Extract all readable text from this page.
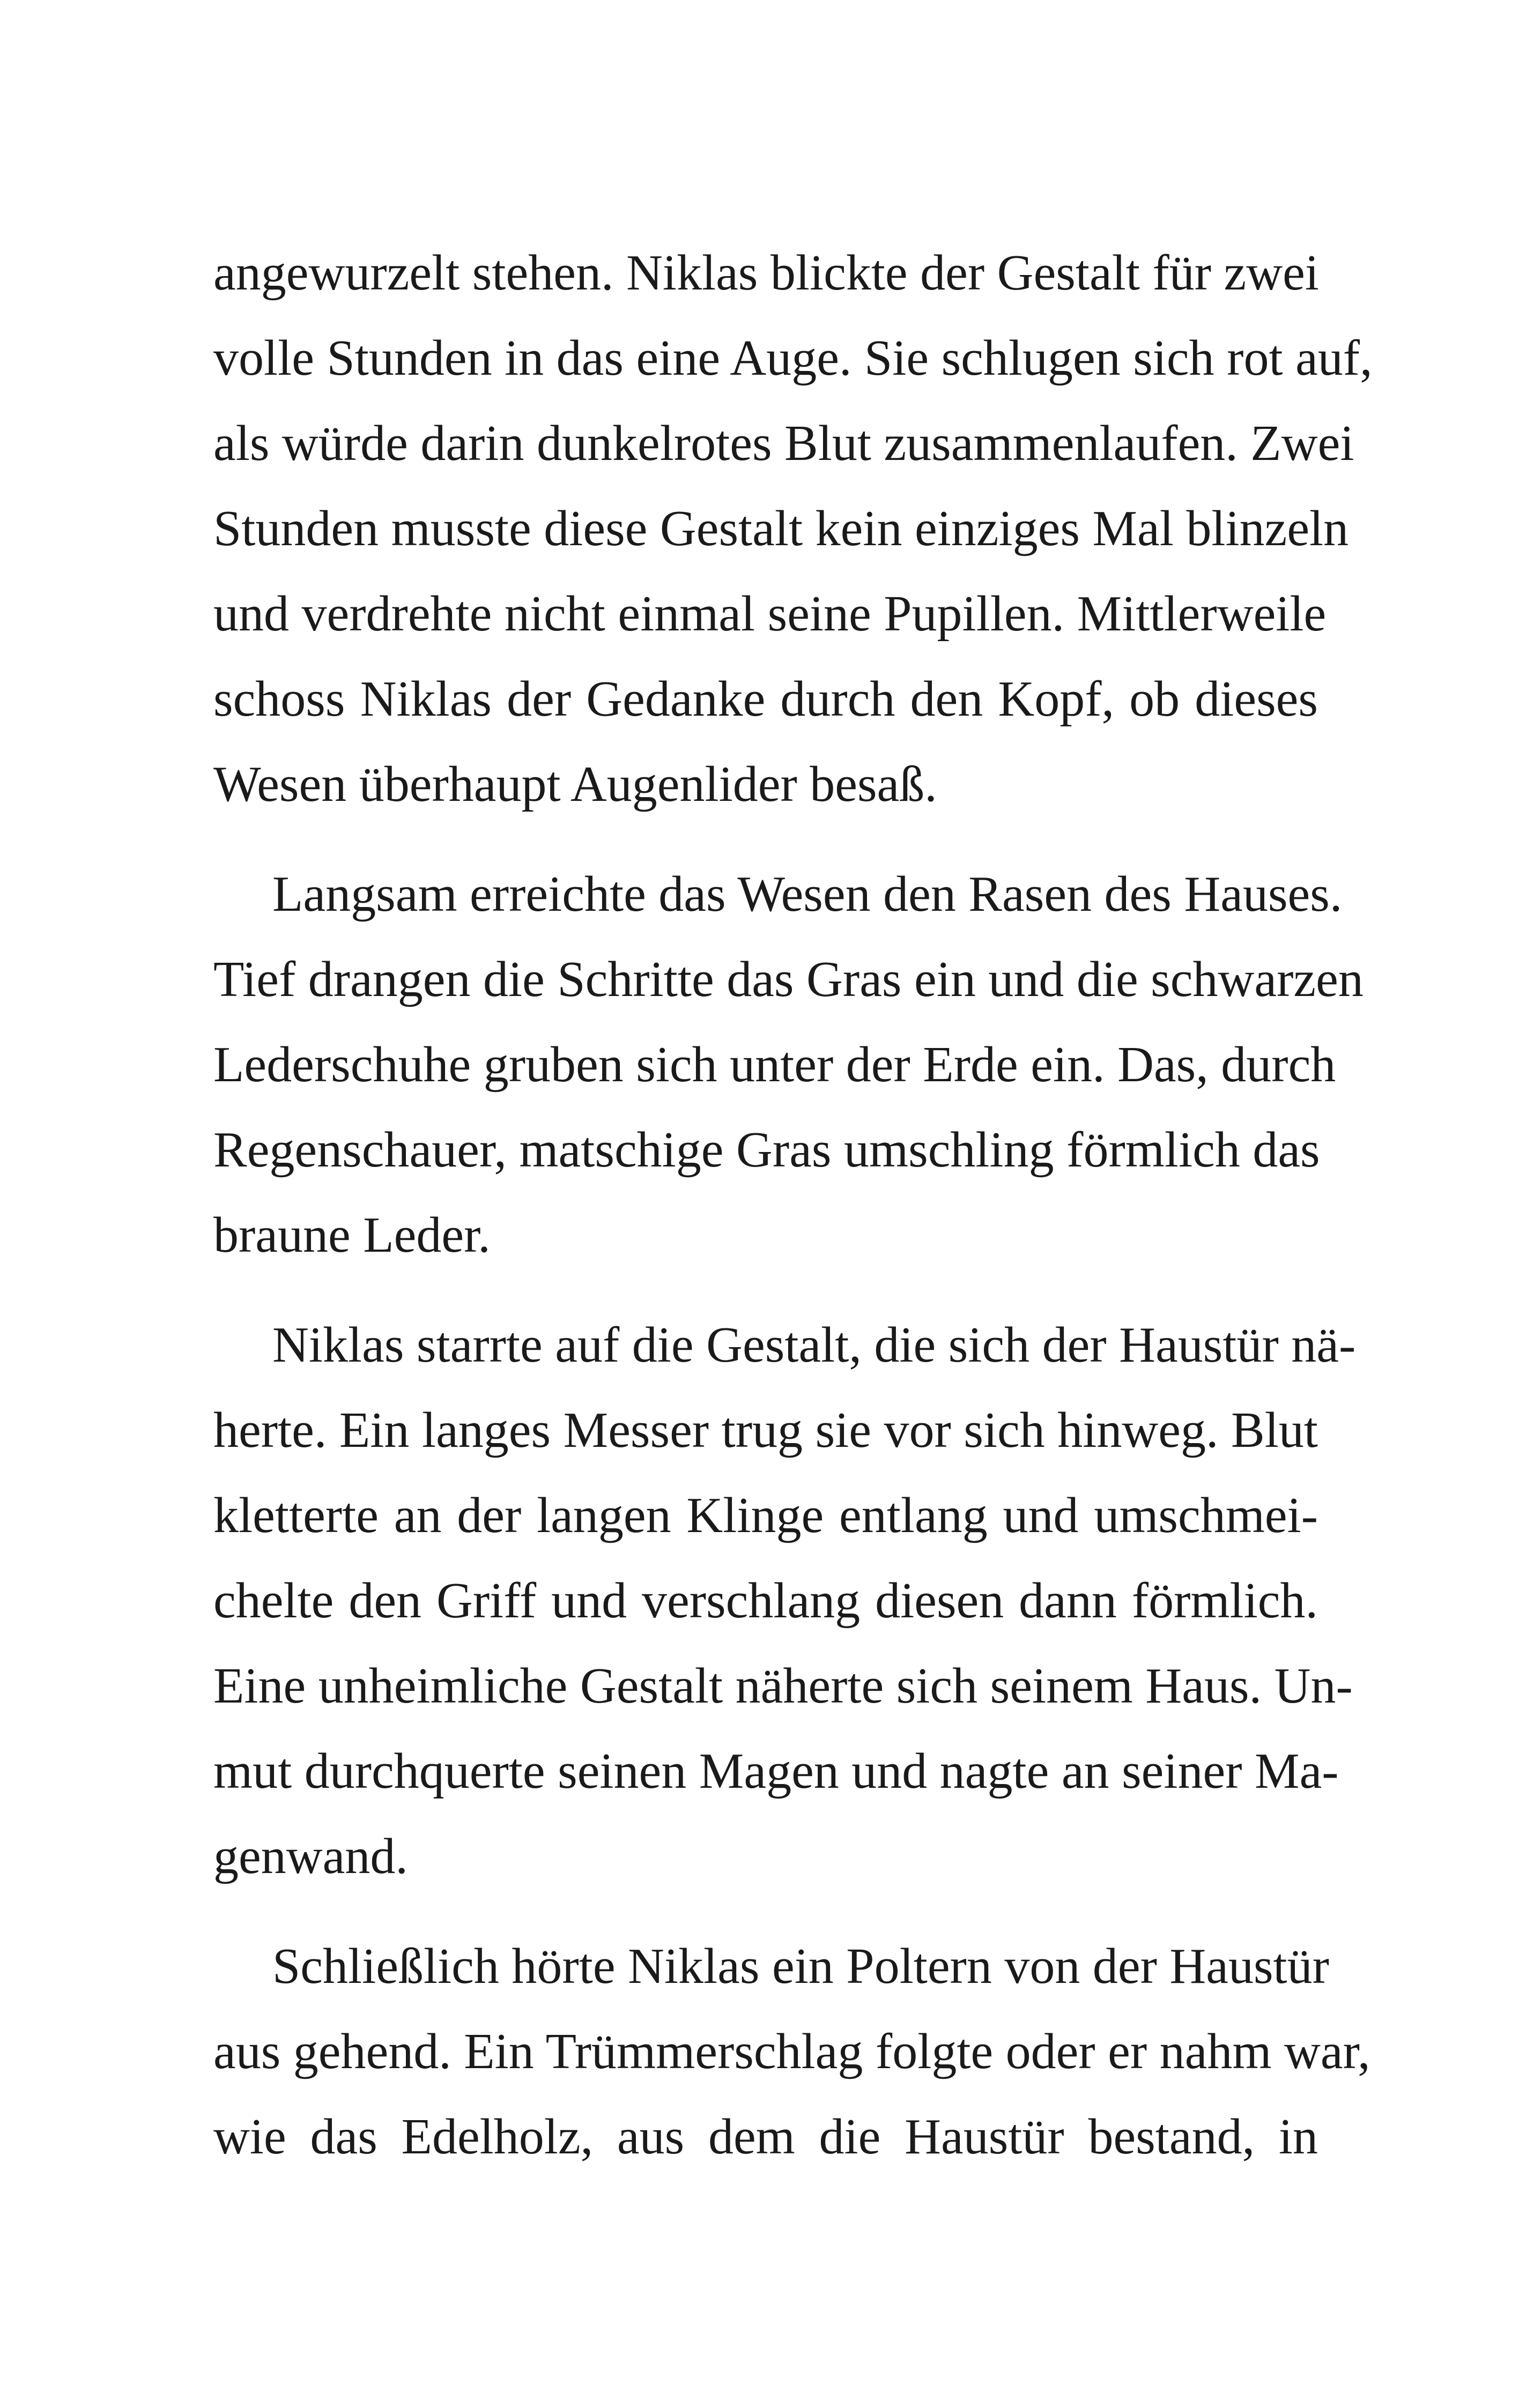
angewurzelt stehen. Niklas blickte der Gestalt für zwei
volle Stunden in das eine Auge. Sie schlugen sich rot auf,
als würde darin dunkelrotes Blut zusammenlaufen. Zwei
Stunden musste diese Gestalt kein einziges Mal blinzeln
und verdrehte nicht einmal seine Pupillen. Mittlerweile
schoss Niklas der Gedanke durch den Kopf, ob dieses
Wesen überhaupt Augenlider besaß.
Langsam erreichte das Wesen den Rasen des Hauses.
Tief drangen die Schritte das Gras ein und die schwarzen
Lederschuhe gruben sich unter der Erde ein. Das, durch
Regenschauer, matschige Gras umschling förmlich das
braune Leder.
Niklas starrte auf die Gestalt, die sich der Haustür nä-
herte. Ein langes Messer trug sie vor sich hinweg. Blut
kletterte an der langen Klinge entlang und umschmei-
chelte den Griff und verschlang diesen dann förmlich.
Eine unheimliche Gestalt näherte sich seinem Haus. Un-
mut durchquerte seinen Magen und nagte an seiner Ma-
genwand.
Schließlich hörte Niklas ein Poltern von der Haustür
aus gehend. Ein Trümmerschlag folgte oder er nahm war,
wie das Edelholz, aus dem die Haustür bestand, in
